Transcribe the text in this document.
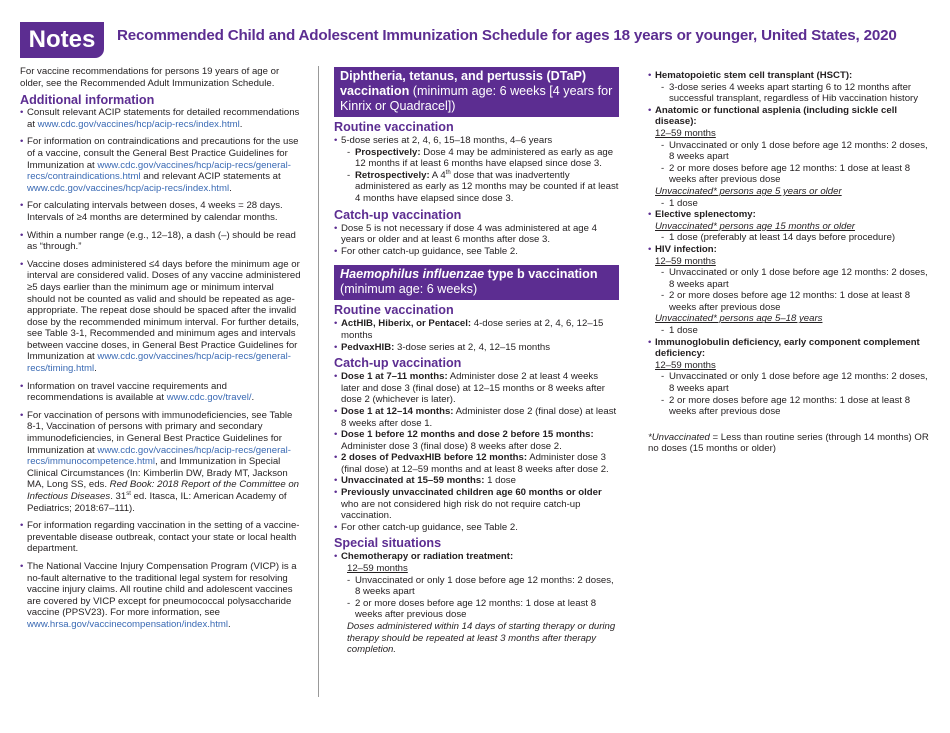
Notes	Recommended Child and Adolescent Immunization Schedule for ages 18 years or younger, United States, 2020

For vaccine recommendations for persons 19 years of age or older, see the Recommended Adult Immunization Schedule.

Additional information
• Consult relevant ACIP statements for detailed recommendations at www.cdc.gov/vaccines/hcp/acip-recs/index.html.
• For information on contraindications and precautions for the use of a vaccine, consult the General Best Practice Guidelines for Immunization at www.cdc.gov/vaccines/hcp/acip-recs/general-recs/contraindications.html and relevant ACIP statements at www.cdc.gov/vaccines/hcp/acip-recs/index.html.
• For calculating intervals between doses, 4 weeks = 28 days. Intervals of ≥4 months are determined by calendar months.
• Within a number range (e.g., 12–18), a dash (–) should be read as “through.”
• Vaccine doses administered ≤4 days before the minimum age or interval are considered valid. Doses of any vaccine administered ≥5 days earlier than the minimum age or minimum interval should not be counted as valid and should be repeated as age-appropriate. The repeat dose should be spaced after the invalid dose by the recommended minimum interval. For further details, see Table 3-1, Recommended and minimum ages and intervals between vaccine doses, in General Best Practice Guidelines for Immunization at www.cdc.gov/vaccines/hcp/acip-recs/general-recs/timing.html.
• Information on travel vaccine requirements and recommendations is available at www.cdc.gov/travel/.
• For vaccination of persons with immunodeficiencies, see Table 8-1, Vaccination of persons with primary and secondary immunodeficiencies, in General Best Practice Guidelines for Immunization at www.cdc.gov/vaccines/hcp/acip-recs/general-recs/immunocompetence.html, and Immunization in Special Clinical Circumstances (In: Kimberlin DW, Brady MT, Jackson MA, Long SS, eds. Red Book: 2018 Report of the Committee on Infectious Diseases. 31st ed. Itasca, IL: American Academy of Pediatrics; 2018:67–111).
• For information regarding vaccination in the setting of a vaccine-preventable disease outbreak, contact your state or local health department.
• The National Vaccine Injury Compensation Program (VICP) is a no-fault alternative to the traditional legal system for resolving vaccine injury claims. All routine child and adolescent vaccines are covered by VICP except for pneumococcal polysaccharide vaccine (PPSV23). For more information, see www.hrsa.gov/vaccinecompensation/index.html.
Diphtheria, tetanus, and pertussis (DTaP) vaccination (minimum age: 6 weeks [4 years for Kinrix or Quadracel])
Routine vaccination
• 5-dose series at 2, 4, 6, 15–18 months, 4–6 years
- Prospectively: Dose 4 may be administered as early as age 12 months if at least 6 months have elapsed since dose 3.
- Retrospectively: A 4th dose that was inadvertently administered as early as 12 months may be counted if at least 4 months have elapsed since dose 3.
Catch-up vaccination
• Dose 5 is not necessary if dose 4 was administered at age 4 years or older and at least 6 months after dose 3.
• For other catch-up guidance, see Table 2.
Haemophilus influenzae type b vaccination
(minimum age: 6 weeks)
Routine vaccination
• ActHIB, Hiberix, or Pentacel: 4-dose series at 2, 4, 6, 12–15 months
• PedvaxHIB: 3-dose series at 2, 4, 12–15 months
Catch-up vaccination
• Dose 1 at 7–11 months: Administer dose 2 at least 4 weeks later and dose 3 (final dose) at 12–15 months or 8 weeks after dose 2 (whichever is later).
• Dose 1 at 12–14 months: Administer dose 2 (final dose) at least 8 weeks after dose 1.
• Dose 1 before 12 months and dose 2 before 15 months: Administer dose 3 (final dose) 8 weeks after dose 2.
• 2 doses of PedvaxHIB before 12 months: Administer dose 3 (final dose) at 12–59 months and at least 8 weeks after dose 2.
• Unvaccinated at 15–59 months: 1 dose
• Previously unvaccinated children age 60 months or older who are not considered high risk do not require catch-up vaccination.
• For other catch-up guidance, see Table 2.
Special situations
• Chemotherapy or radiation treatment:
12–59 months
- Unvaccinated or only 1 dose before age 12 months: 2 doses, 8 weeks apart
- 2 or more doses before age 12 months: 1 dose at least 8 weeks after previous dose
Doses administered within 14 days of starting therapy or during therapy should be repeated at least 3 months after therapy completion.
• Hematopoietic stem cell transplant (HSCT):
- 3-dose series 4 weeks apart starting 6 to 12 months after successful transplant, regardless of Hib vaccination history
• Anatomic or functional asplenia (including sickle cell disease):
12–59 months
- Unvaccinated or only 1 dose before age 12 months: 2 doses, 8 weeks apart
- 2 or more doses before age 12 months: 1 dose at least 8 weeks after previous dose
Unvaccinated* persons age 5 years or older
- 1 dose
• Elective splenectomy:
Unvaccinated* persons age 15 months or older
- 1 dose (preferably at least 14 days before procedure)
• HIV infection:
12–59 months
- Unvaccinated or only 1 dose before age 12 months: 2 doses, 8 weeks apart
- 2 or more doses before age 12 months: 1 dose at least 8 weeks after previous dose
Unvaccinated* persons age 5–18 years
- 1 dose
• Immunoglobulin deficiency, early component complement deficiency:
12–59 months
- Unvaccinated or only 1 dose before age 12 months: 2 doses, 8 weeks apart
- 2 or more doses before age 12 months: 1 dose at least 8 weeks after previous dose

*Unvaccinated = Less than routine series (through 14 months) OR no doses (15 months or older)
